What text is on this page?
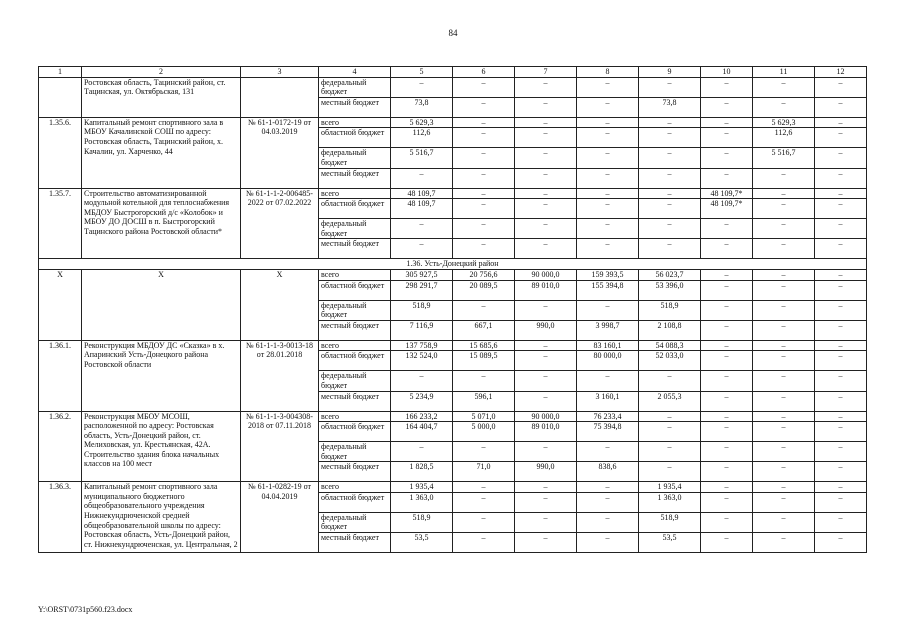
84
1	2	3	4	5	6	7	8	9	10	11	12
	Ростовская область, Тацинский район, ст. Тацинская, ул. Октябрьская, 131		федеральный бюджет	–	–	–	–	–	–	–	–
			местный бюджет	73,8	–	–	–	73,8	–	–	–
1.35.6.	Капитальный ремонт спортивного зала в МБОУ Качалинской СОШ по адресу: Ростовская область, Тацинский район, х. Качалин, ул. Харченко, 44	№ 61-1-0172-19 от 04.03.2019	всего	5 629,3	–	–	–	–	–	5 629,3	–
			областной бюджет	112,6	–	–	–	–	–	112,6	–
			федеральный бюджет	5 516,7	–	–	–	–	–	5 516,7	–
			местный бюджет	–	–	–	–	–	–	–	–
1.35.7.	Строительство автоматизированной модульной котельной для теплоснабжения МБДОУ Быстрогорский д/с «Колобок» и МБОУ ДО ДОСШ в п. Быстрогорский Тацинского района Ростовской области*	№ 61-1-1-2-006485-2022 от 07.02.2022	всего	48 109,7	–	–	–	–	48 109,7*	–	–
			областной бюджет	48 109,7	–	–	–	–	48 109,7*	–	–
			федеральный бюджет	–	–	–	–	–	–	–	–
			местный бюджет	–	–	–	–	–	–	–	–
1.36. Усть-Донецкий район											
Х	Х	Х	всего	305 927,5	20 756,6	90 000,0	159 393,5	56 023,7	–	–	–
			областной бюджет	298 291,7	20 089,5	89 010,0	155 394,8	53 396,0	–	–	–
			федеральный бюджет	518,9	–	–	–	518,9	–	–	–
			местный бюджет	7 116,9	667,1	990,0	3 998,7	2 108,8	–	–	–
1.36.1.	Реконструкция МБДОУ ДС «Сказка» в х. Апаринский Усть-Донецкого района Ростовской области	№ 61-1-1-3-0013-18 от 28.01.2018	всего	137 758,9	15 685,6	–	83 160,1	54 088,3	–	–	–
			областной бюджет	132 524,0	15 089,5	–	80 000,0	52 033,0	–	–	–
			федеральный бюджет	–	–	–	–	–	–	–	–
			местный бюджет	5 234,9	596,1	–	3 160,1	2 055,3	–	–	–
1.36.2.	Реконструкция МБОУ МСОШ, расположенной по адресу: Ростовская область, Усть-Донецкий район, ст. Мелиховская, ул. Крестьянская, 42А. Строительство здания блока начальных классов на 100 мест	№ 61-1-1-3-004308-2018 от 07.11.2018	всего	166 233,2	5 071,0	90 000,0	76 233,4	–	–	–	–
			областной бюджет	164 404,7	5 000,0	89 010,0	75 394,8	–	–	–	–
			федеральный бюджет	–	–	–	–	–	–	–	–
			местный бюджет	1 828,5	71,0	990,0	838,6	–	–	–	–
1.36.3.	Капитальный ремонт спортивного зала муниципального бюджетного общеобразовательного учреждения Нижнекундрюченской средней общеобразовательной школы по адресу: Ростовская область, Усть-Донецкий район, ст. Нижнекундрюченская, ул. Центральная, 2	№ 61-1-0282-19 от 04.04.2019	всего	1 935,4	–	–	–	1 935,4	–	–	–
			областной бюджет	1 363,0	–	–	–	1 363,0	–	–	–
			федеральный бюджет	518,9	–	–	–	518,9	–	–	–
			местный бюджет	53,5	–	–	–	53,5	–	–	–
Y:\ORST\0731p560.f23.docx
